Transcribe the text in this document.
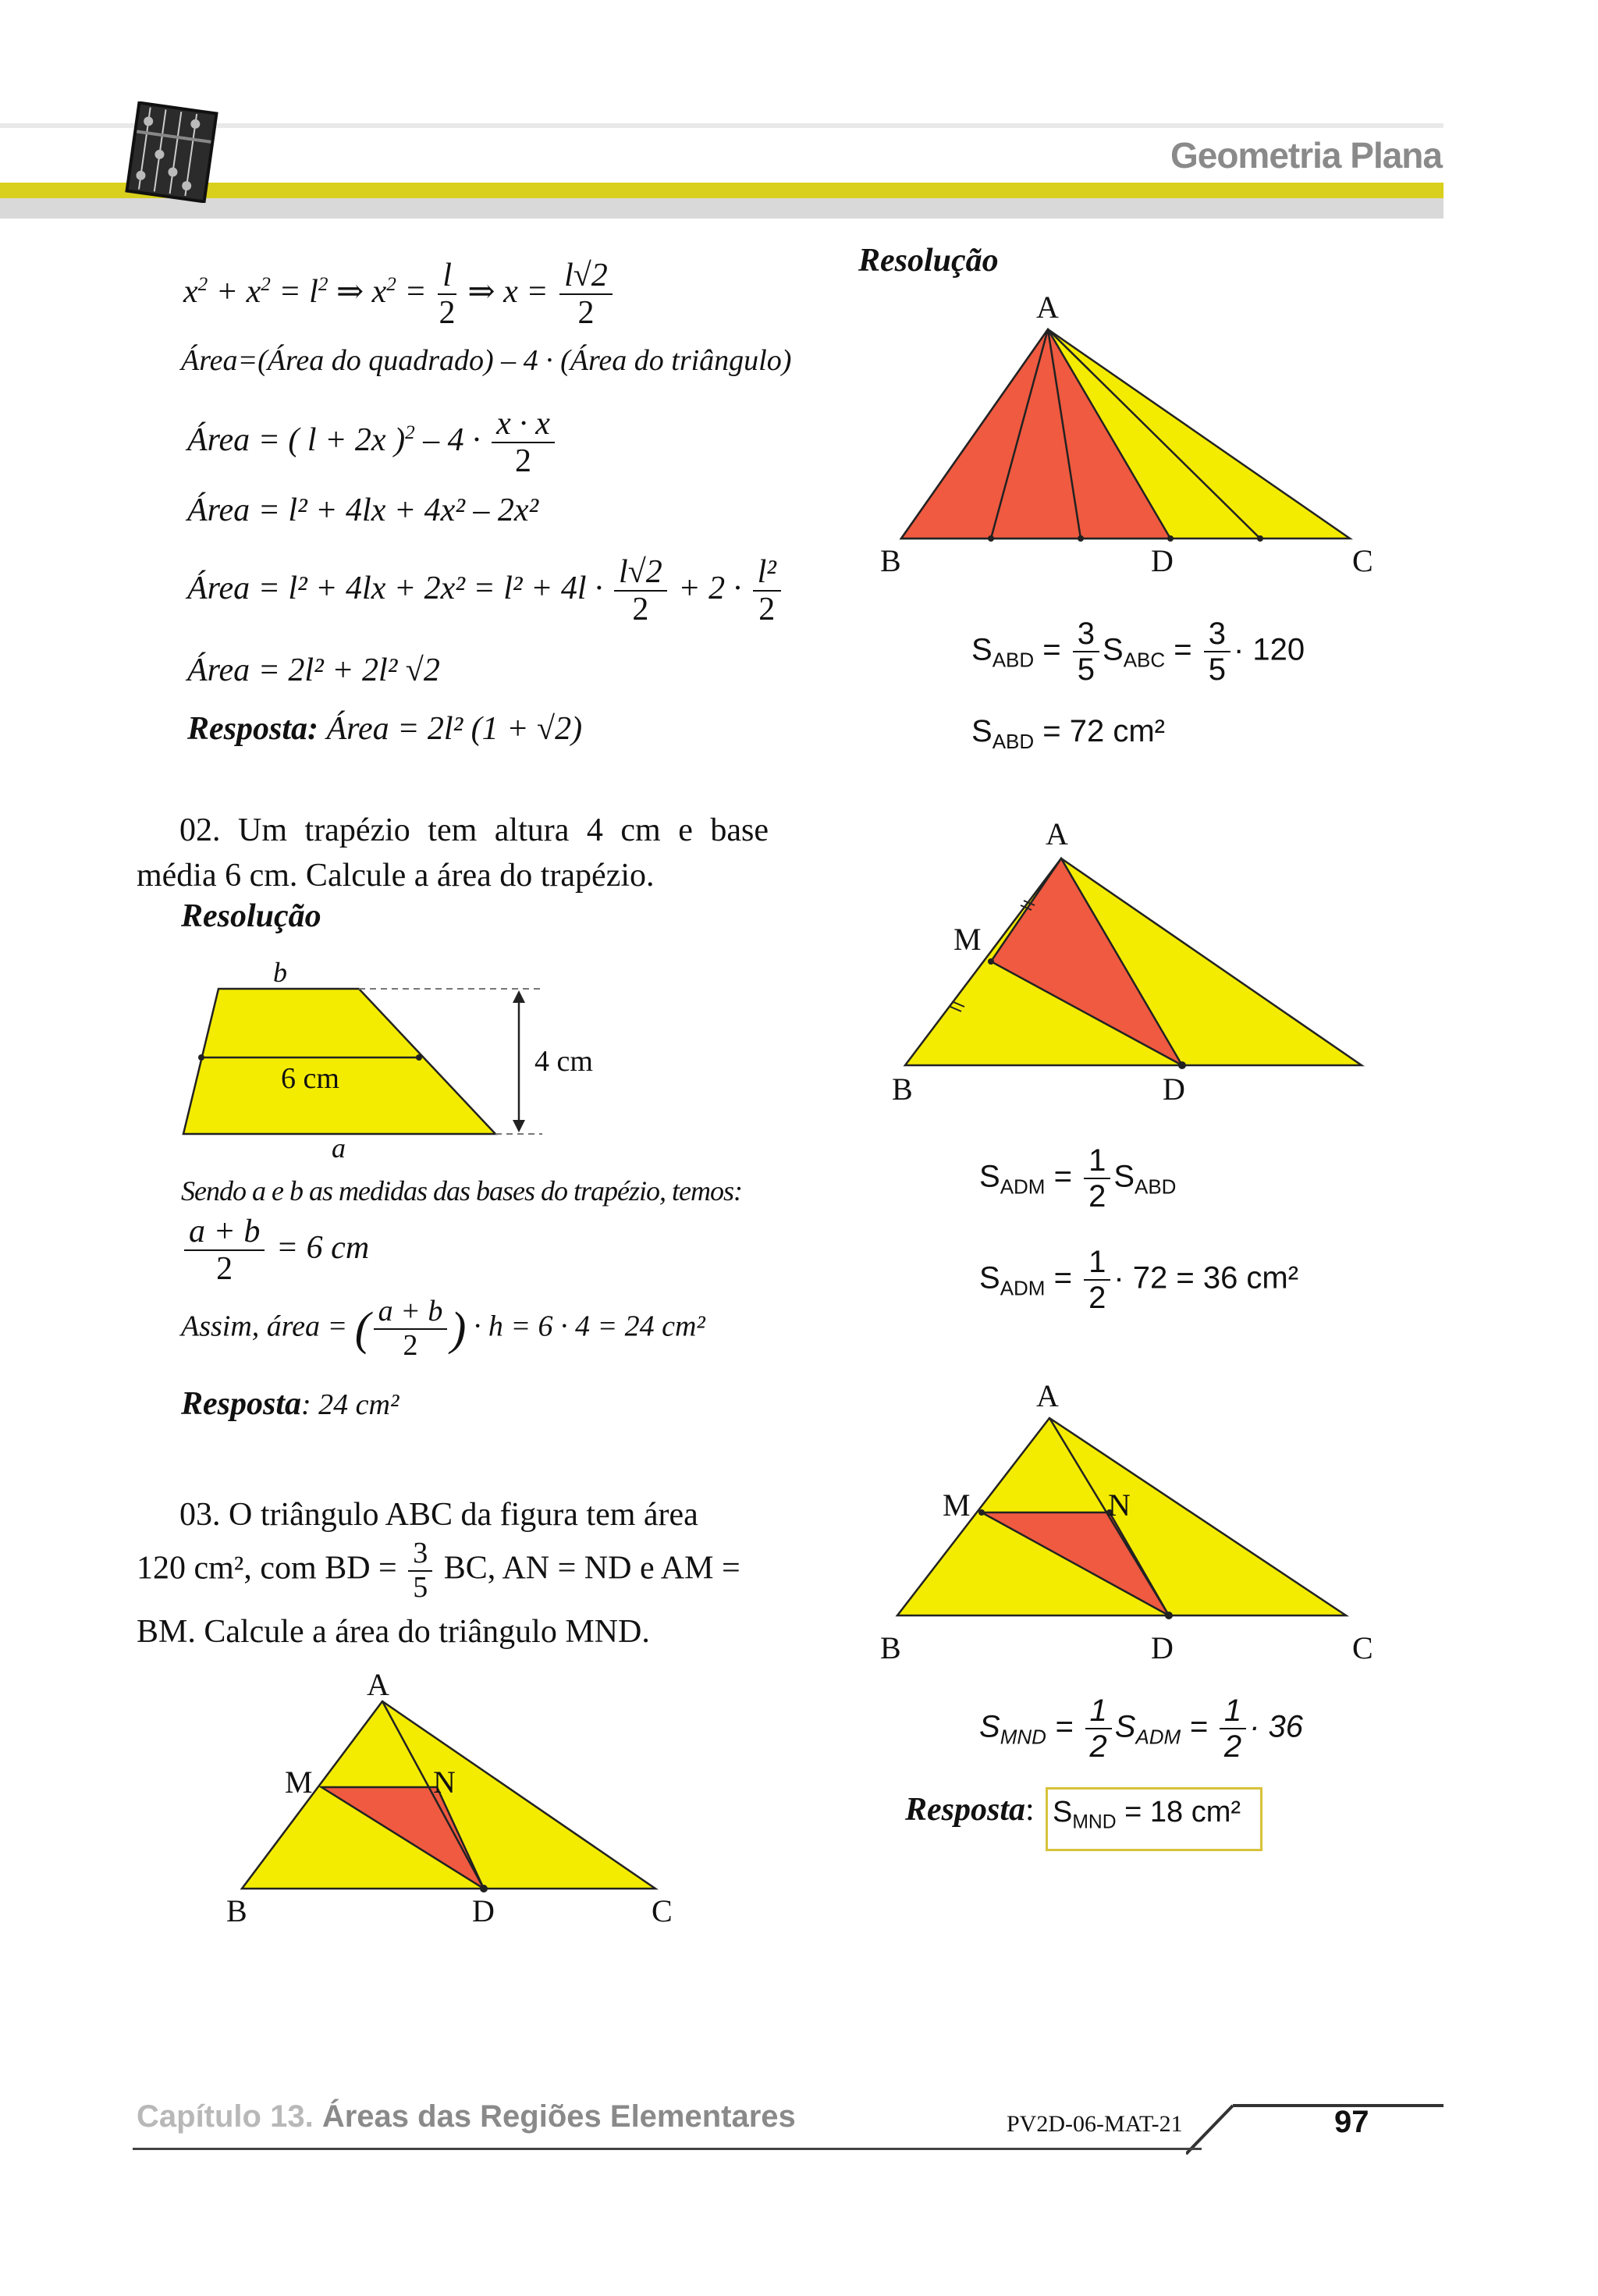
Geometria Plana
$x^2 + x^2 = l^2$ ⇒ $x^2 = \frac{l}{2}$ ⇒ $x = \frac{l√2}{2}$
Área=(Área do quadrado) – 4 · (Área do triângulo)
Área = ( l + 2x )$^2 - 4 \cdot \frac{x \cdot x}{2}$
Área = l² + 4lx + 4x² – 2x²
Área = $l^2 + 4lx + 2x^2 = l^2 + 4l \cdot \frac{l√2}{2} + 2 \cdot \frac{\text{l²}}{2}$
Área = 2l² + 2l² √2
Resposta: Área = 2l² (1 + √2)
02. Um trapézio tem altura 4 cm e base média 6 cm. Calcule a área do trapézio.
Resolução
b
6 cm
4 cm
a
Sendo a e b as medidas das bases do trapézio, temos:
$\frac{a + b}{2} = 6$ cm
Assim, área = ( $\frac{a + b}{2}$ ) · h = 6 · 4 = 24 cm²
Resposta: 24 cm²
03. O triângulo ABC da figura tem área
120 cm², com BD = $\frac{3}{5}$ BC, AN = ND e AM =
BM. Calcule a área do triângulo MND.
A
M	N
B	D	C
Resolução
A
B	D	C
$S_{ABD} = \frac{3}{5} S_{ABC} = \frac{3}{5} \cdot 120$
$S_{ABD} = 72$ cm²
A
M
B	D
$S_{ADM} = \frac{1}{2} S_{ABD}$
$S_{ADM} = \frac{1}{2} \cdot 72 = 36$ cm²
A
M	N
B	D	C
$S_{MND} = \frac{1}{2} S_{ADM} = \frac{1}{2} \cdot 36$
Resposta: $S_{MND} = 18$ cm²
Capítulo 13. Áreas das Regiões Elementares	PV2D-06-MAT-21	97
